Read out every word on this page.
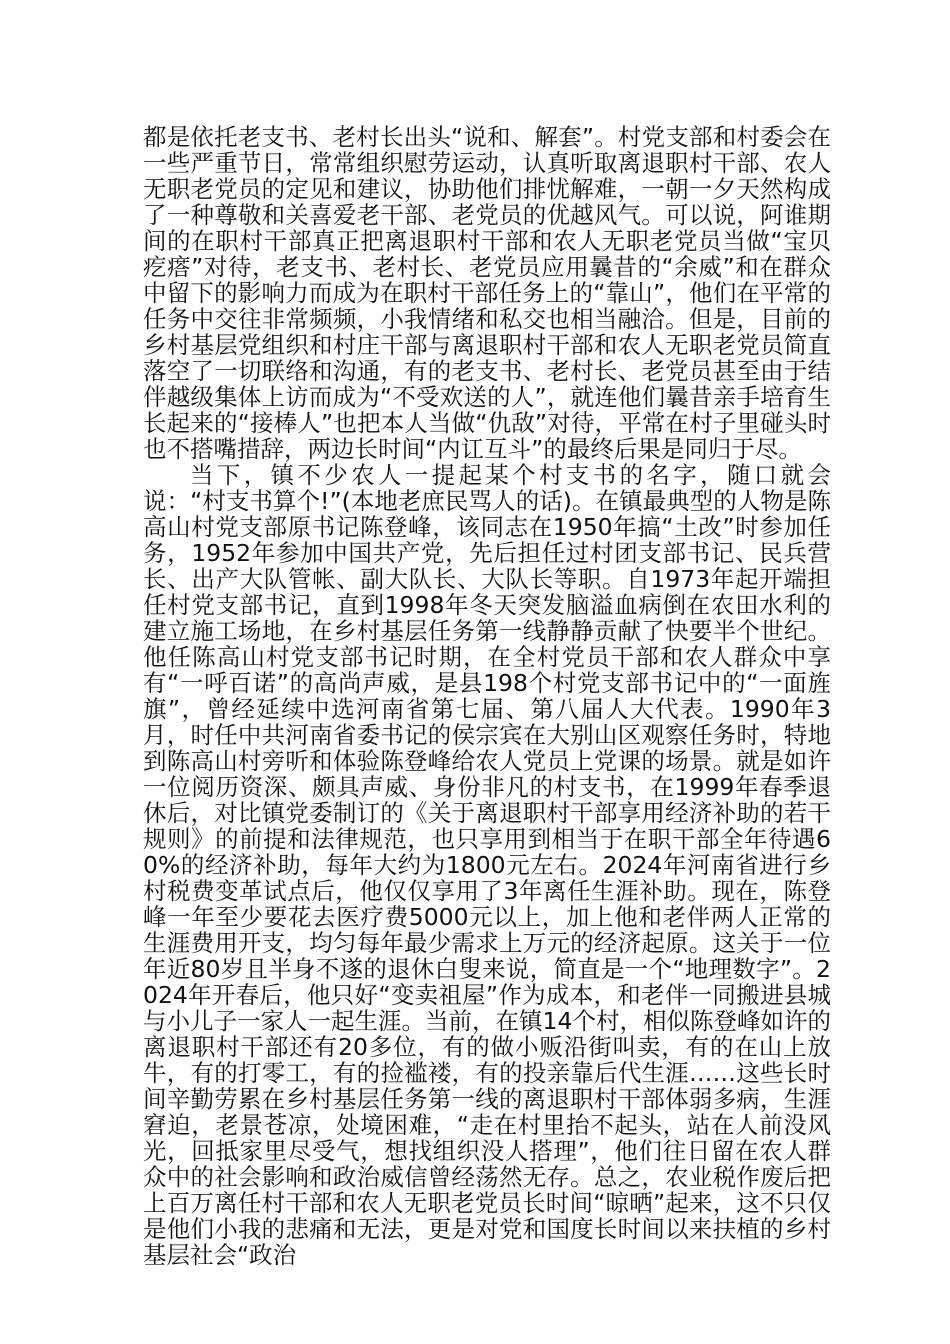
都是依托老支书、老村长出头“说和、解套”。村党支部和村委会在一些严重节日，常常组织慰劳运动，认真听取离退职村干部、农人无职老党员的定见和建议，协助他们排忧解难，一朝一夕天然构成了一种尊敬和关喜爱老干部、老党员的优越风气。可以说，阿谁期间的在职村干部真正把离退职村干部和农人无职老党员当做“宝贝疙瘩”对待，老支书、老村长、老党员应用曩昔的“余威”和在群众中留下的影响力而成为在职村干部任务上的“靠山”，他们在平常的任务中交往非常频频，小我情绪和私交也相当融洽。但是，目前的乡村基层党组织和村庄干部与离退职村干部和农人无职老党员简直落空了一切联络和沟通，有的老支书、老村长、老党员甚至由于结伴越级集体上访而成为“不受欢送的人”，就连他们曩昔亲手培育生长起来的“接棒人”也把本人当做“仇敌”对待，平常在村子里碰头时也不搭嘴措辞，两边长时间“内讧互斗”的最终后果是同归于尽。

当下，镇不少农人一提起某个村支书的名字，随口就会说：“村支书算个!”(本地老庶民骂人的话)。在镇最典型的人物是陈高山村党支部原书记陈登峰，该同志在1950年搞“土改”时参加任务，1952年参加中国共产党，先后担任过村团支部书记、民兵营长、出产大队管帐、副大队长、大队长等职。自1973年起开端担任村党支部书记，直到1998年冬天突发脑溢血病倒在农田水利的建立施工场地，在乡村基层任务第一线静静贡献了快要半个世纪。他任陈高山村党支部书记时期，在全村党员干部和农人群众中享有“一呼百诺”的高尚声威，是县198个村党支部书记中的“一面旌旗”，曾经延续中选河南省第七届、第八届人大代表。1990年3月，时任中共河南省委书记的侯宗宾在大别山区观察任务时，特地到陈高山村旁听和体验陈登峰给农人党员上党课的场景。就是如许一位阅历资深、颇具声威、身份非凡的村支书，在1999年春季退休后，对比镇党委制订的《关于离退职村干部享用经济补助的若干规则》的前提和法律规范，也只享用到相当于在职干部全年待遇60%的经济补助，每年大约为1800元左右。2024年河南省进行乡村税费变革试点后，他仅仅享用了3年离任生涯补助。现在，陈登峰一年至少要花去医疗费5000元以上，加上他和老伴两人正常的生涯费用开支，均匀每年最少需求上万元的经济起原。这关于一位年近80岁且半身不遂的退休白叟来说，简直是一个“地理数字”。2024年开春后，他只好“变卖祖屋”作为成本，和老伴一同搬进县城与小儿子一家人一起生涯。当前，在镇14个村，相似陈登峰如许的离退职村干部还有20多位，有的做小贩沿街叫卖，有的在山上放牛，有的打零工，有的捡褴褛，有的投亲靠后代生涯……这些长时间辛勤劳累在乡村基层任务第一线的离退职村干部体弱多病，生涯窘迫，老景苍凉，处境困难，“走在村里抬不起头，站在人前没风光，回抵家里尽受气，想找组织没人搭理”，他们往日留在农人群众中的社会影响和政治威信曾经荡然无存。总之，农业税作废后把上百万离任村干部和农人无职老党员长时间“晾晒”起来，这不只仅是他们小我的悲痛和无法，更是对党和国度长时间以来扶植的乡村基层社会“政治
